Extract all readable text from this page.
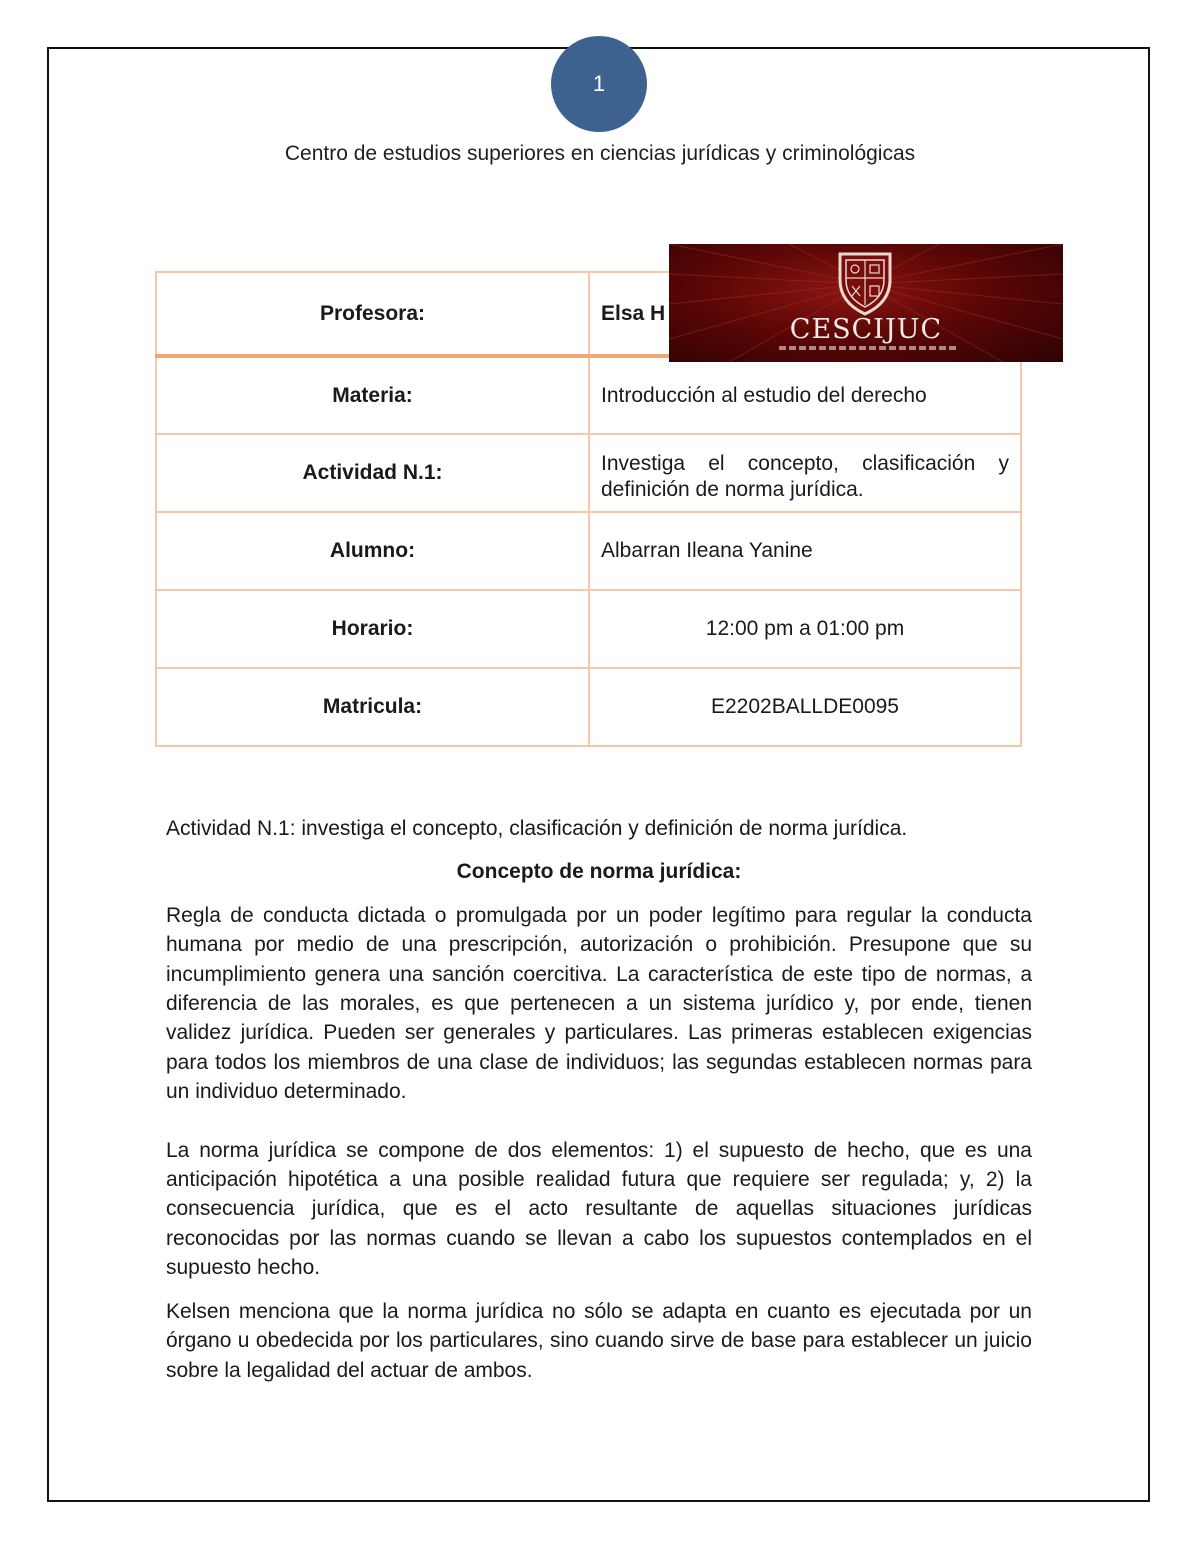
1
Centro de estudios superiores en ciencias jurídicas y criminológicas
Profesora:	Elsa H
Materia:	Introducción al estudio del derecho
Actividad N.1:	Investiga el concepto, clasificación y definición de norma jurídica.
Alumno:	Albarran Ileana Yanine
Horario:	12:00 pm a 01:00 pm
Matricula:	E2202BALLDE0095
CESCIJUC

Actividad N.1: investiga el concepto, clasificación y definición de norma jurídica.

Concepto de norma jurídica:

Regla de conducta dictada o promulgada por un poder legítimo para regular la conducta humana por medio de una prescripción, autorización o prohibición. Presupone que su incumplimiento genera una sanción coercitiva. La característica de este tipo de normas, a diferencia de las morales, es que pertenecen a un sistema jurídico y, por ende, tienen validez jurídica. Pueden ser generales y particulares. Las primeras establecen exigencias para todos los miembros de una clase de individuos; las segundas establecen normas para un individuo determinado.

La norma jurídica se compone de dos elementos: 1) el supuesto de hecho, que es una anticipación hipotética a una posible realidad futura que requiere ser regulada; y, 2) la consecuencia jurídica, que es el acto resultante de aquellas situaciones jurídicas reconocidas por las normas cuando se llevan a cabo los supuestos contemplados en el supuesto hecho.

Kelsen menciona que la norma jurídica no sólo se adapta en cuanto es ejecutada por un órgano u obedecida por los particulares, sino cuando sirve de base para establecer un juicio sobre la legalidad del actuar de ambos.
